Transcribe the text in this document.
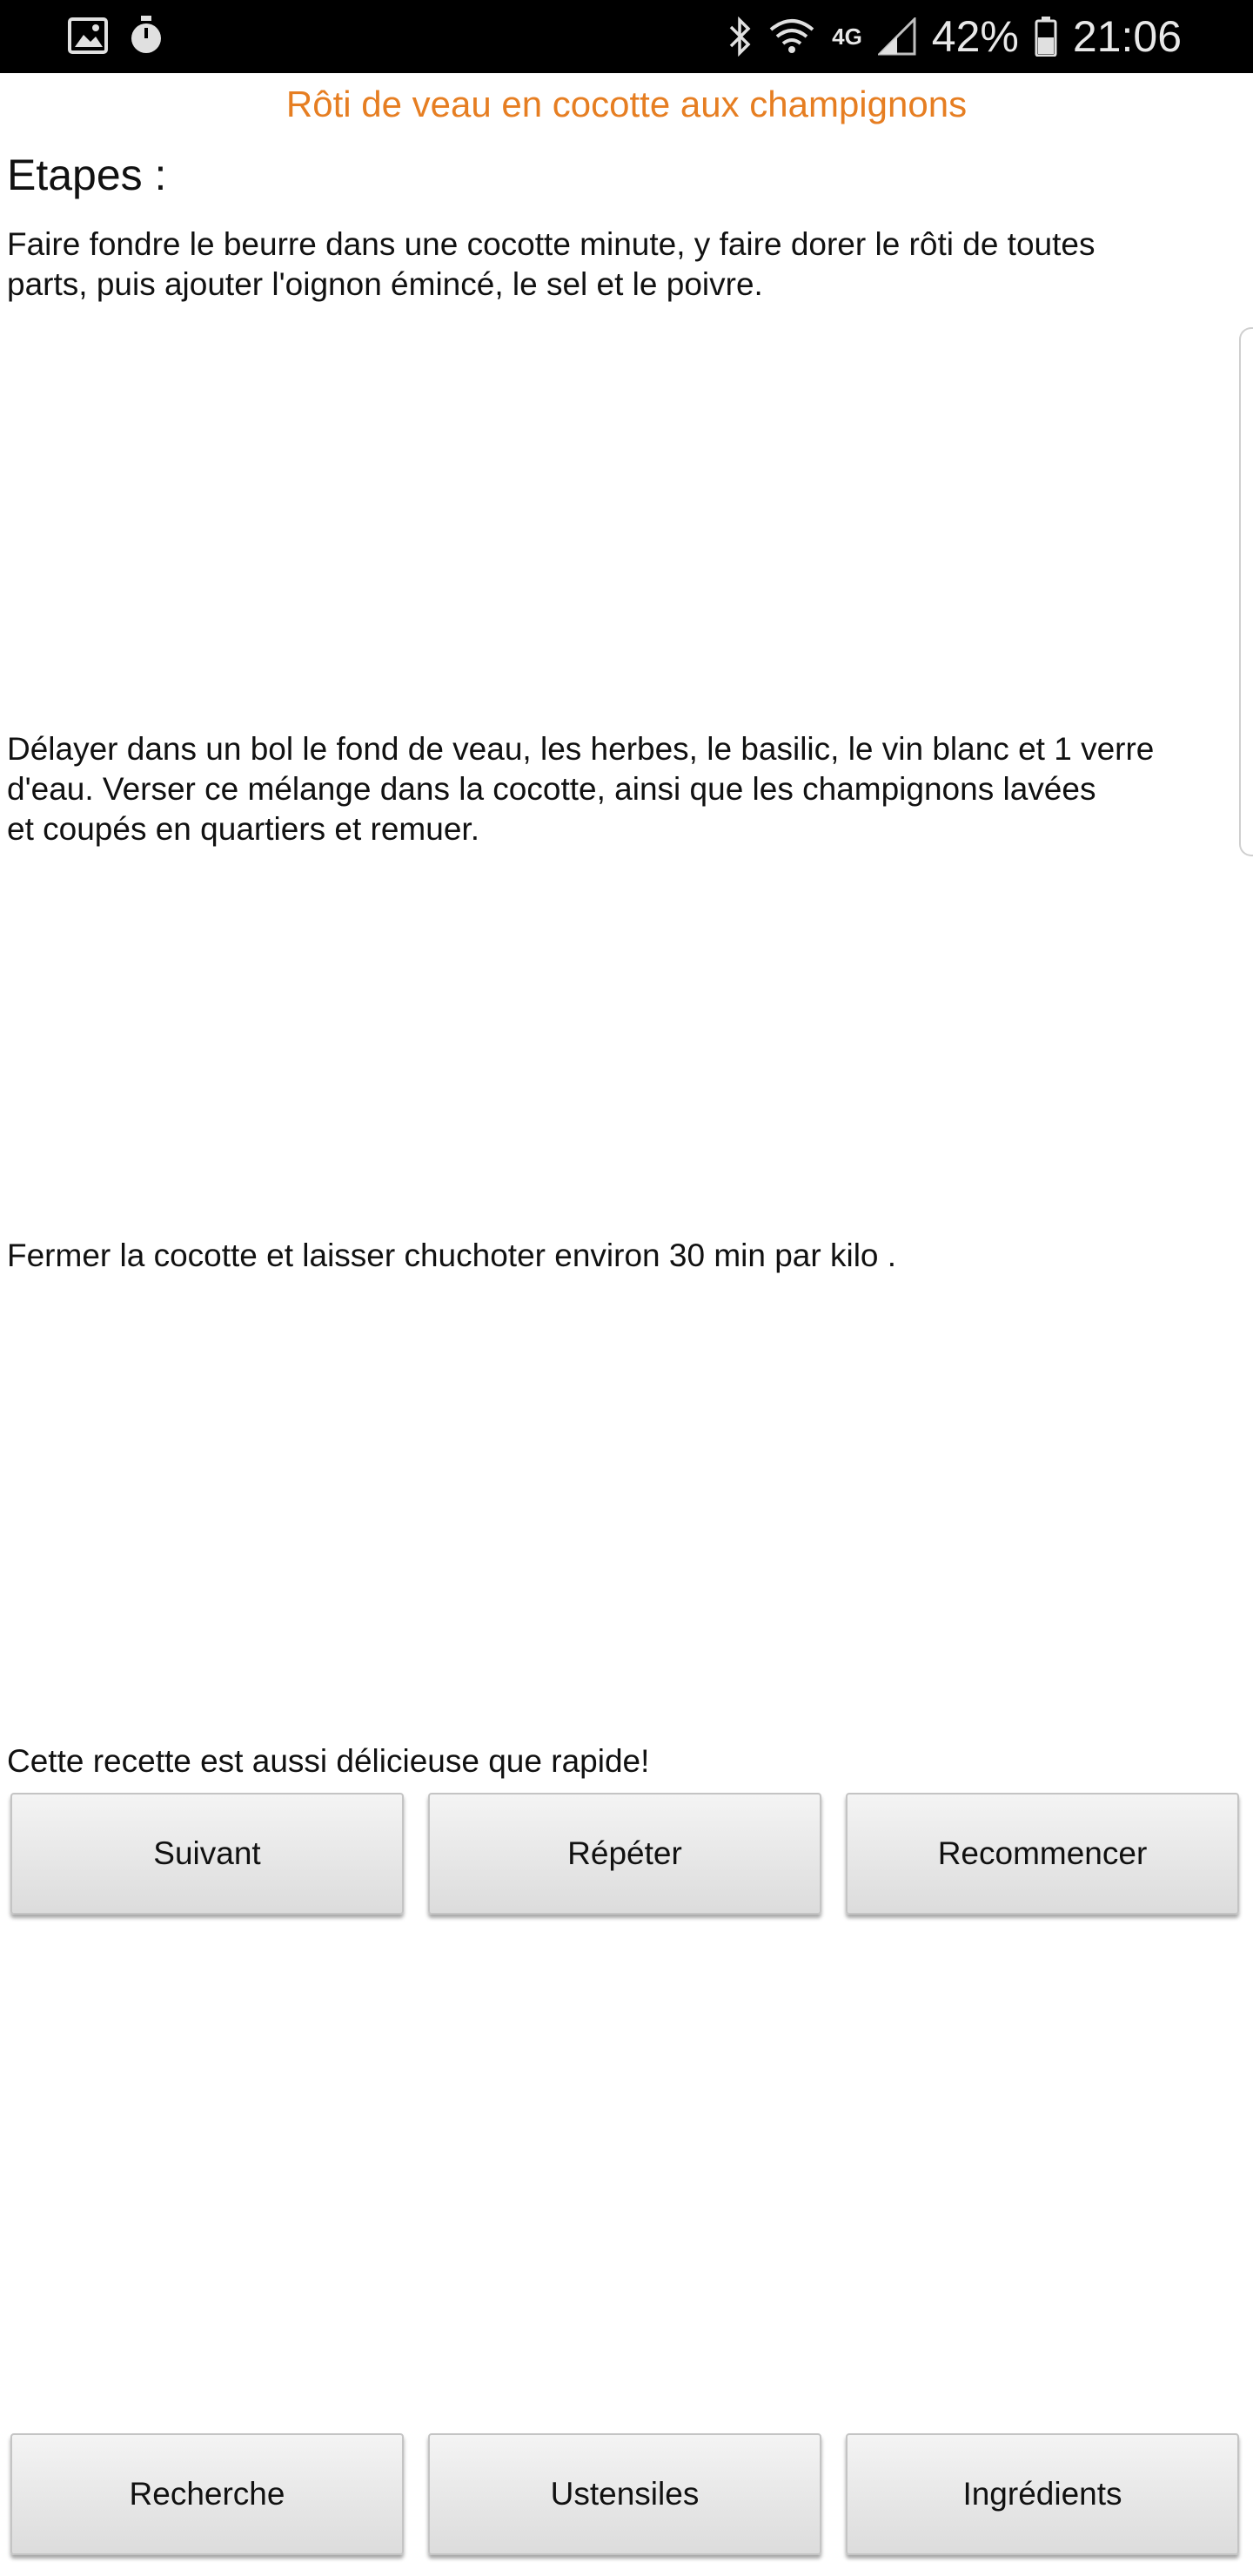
4G 42% 21:06
Rôti de veau en cocotte aux champignons
Etapes :
Faire fondre le beurre dans une cocotte minute, y faire dorer le rôti de toutes
parts, puis ajouter l'oignon émincé, le sel et le poivre.
Délayer dans un bol le fond de veau, les herbes, le basilic, le vin blanc et 1 verre
d'eau. Verser ce mélange dans la cocotte, ainsi que les champignons lavées
et coupés en quartiers et remuer.
Fermer la cocotte et laisser chuchoter environ 30 min par kilo .
Cette recette est aussi délicieuse que rapide!
Suivant	Répéter	Recommencer
Recherche	Ustensiles	Ingrédients
